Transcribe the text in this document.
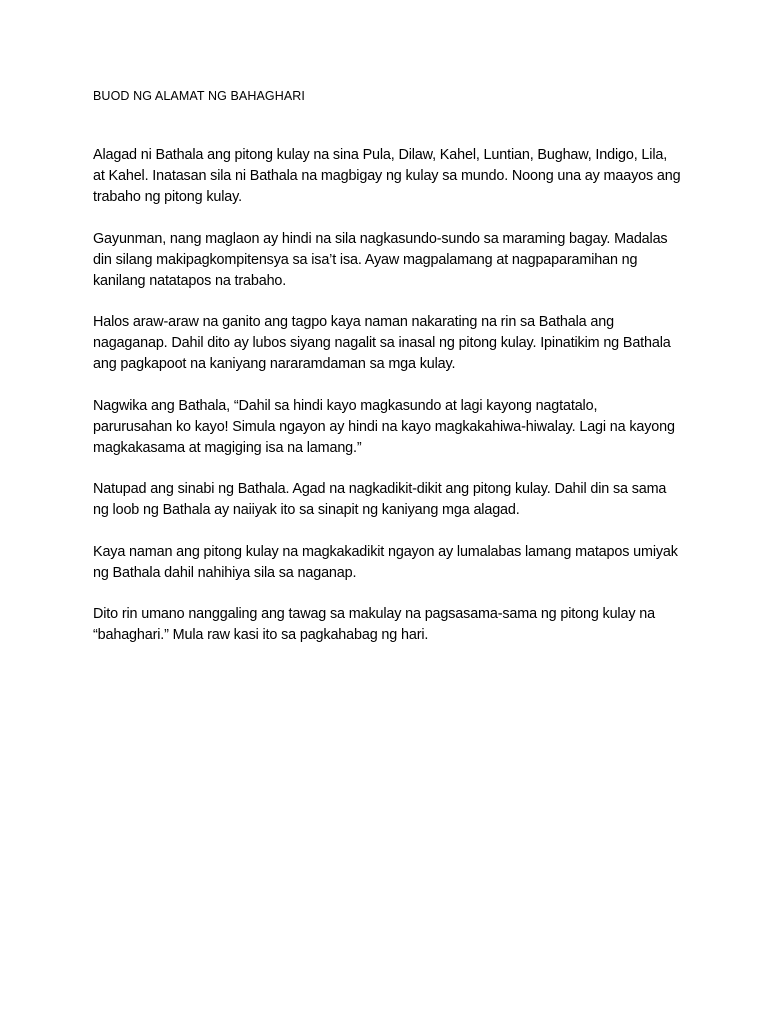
BUOD NG ALAMAT NG BAHAGHARI

Alagad ni Bathala ang pitong kulay na sina Pula, Dilaw, Kahel, Luntian, Bughaw, Indigo, Lila,
at Kahel. Inatasan sila ni Bathala na magbigay ng kulay sa mundo. Noong una ay maayos ang
trabaho ng pitong kulay.

Gayunman, nang maglaon ay hindi na sila nagkasundo-sundo sa maraming bagay. Madalas
din silang makipagkompitensya sa isa’t isa. Ayaw magpalamang at nagpaparamihan ng
kanilang natatapos na trabaho.

Halos araw-araw na ganito ang tagpo kaya naman nakarating na rin sa Bathala ang
nagaganap. Dahil dito ay lubos siyang nagalit sa inasal ng pitong kulay. Ipinatikim ng Bathala
ang pagkapoot na kaniyang nararamdaman sa mga kulay.

Nagwika ang Bathala, “Dahil sa hindi kayo magkasundo at lagi kayong nagtatalo,
parurusahan ko kayo! Simula ngayon ay hindi na kayo magkakahiwa-hiwalay. Lagi na kayong
magkakasama at magiging isa na lamang.”

Natupad ang sinabi ng Bathala. Agad na nagkadikit-dikit ang pitong kulay. Dahil din sa sama
ng loob ng Bathala ay naiiyak ito sa sinapit ng kaniyang mga alagad.

Kaya naman ang pitong kulay na magkakadikit ngayon ay lumalabas lamang matapos umiyak
ng Bathala dahil nahihiya sila sa naganap.

Dito rin umano nanggaling ang tawag sa makulay na pagsasama-sama ng pitong kulay na
“bahaghari.” Mula raw kasi ito sa pagkahabag ng hari.
